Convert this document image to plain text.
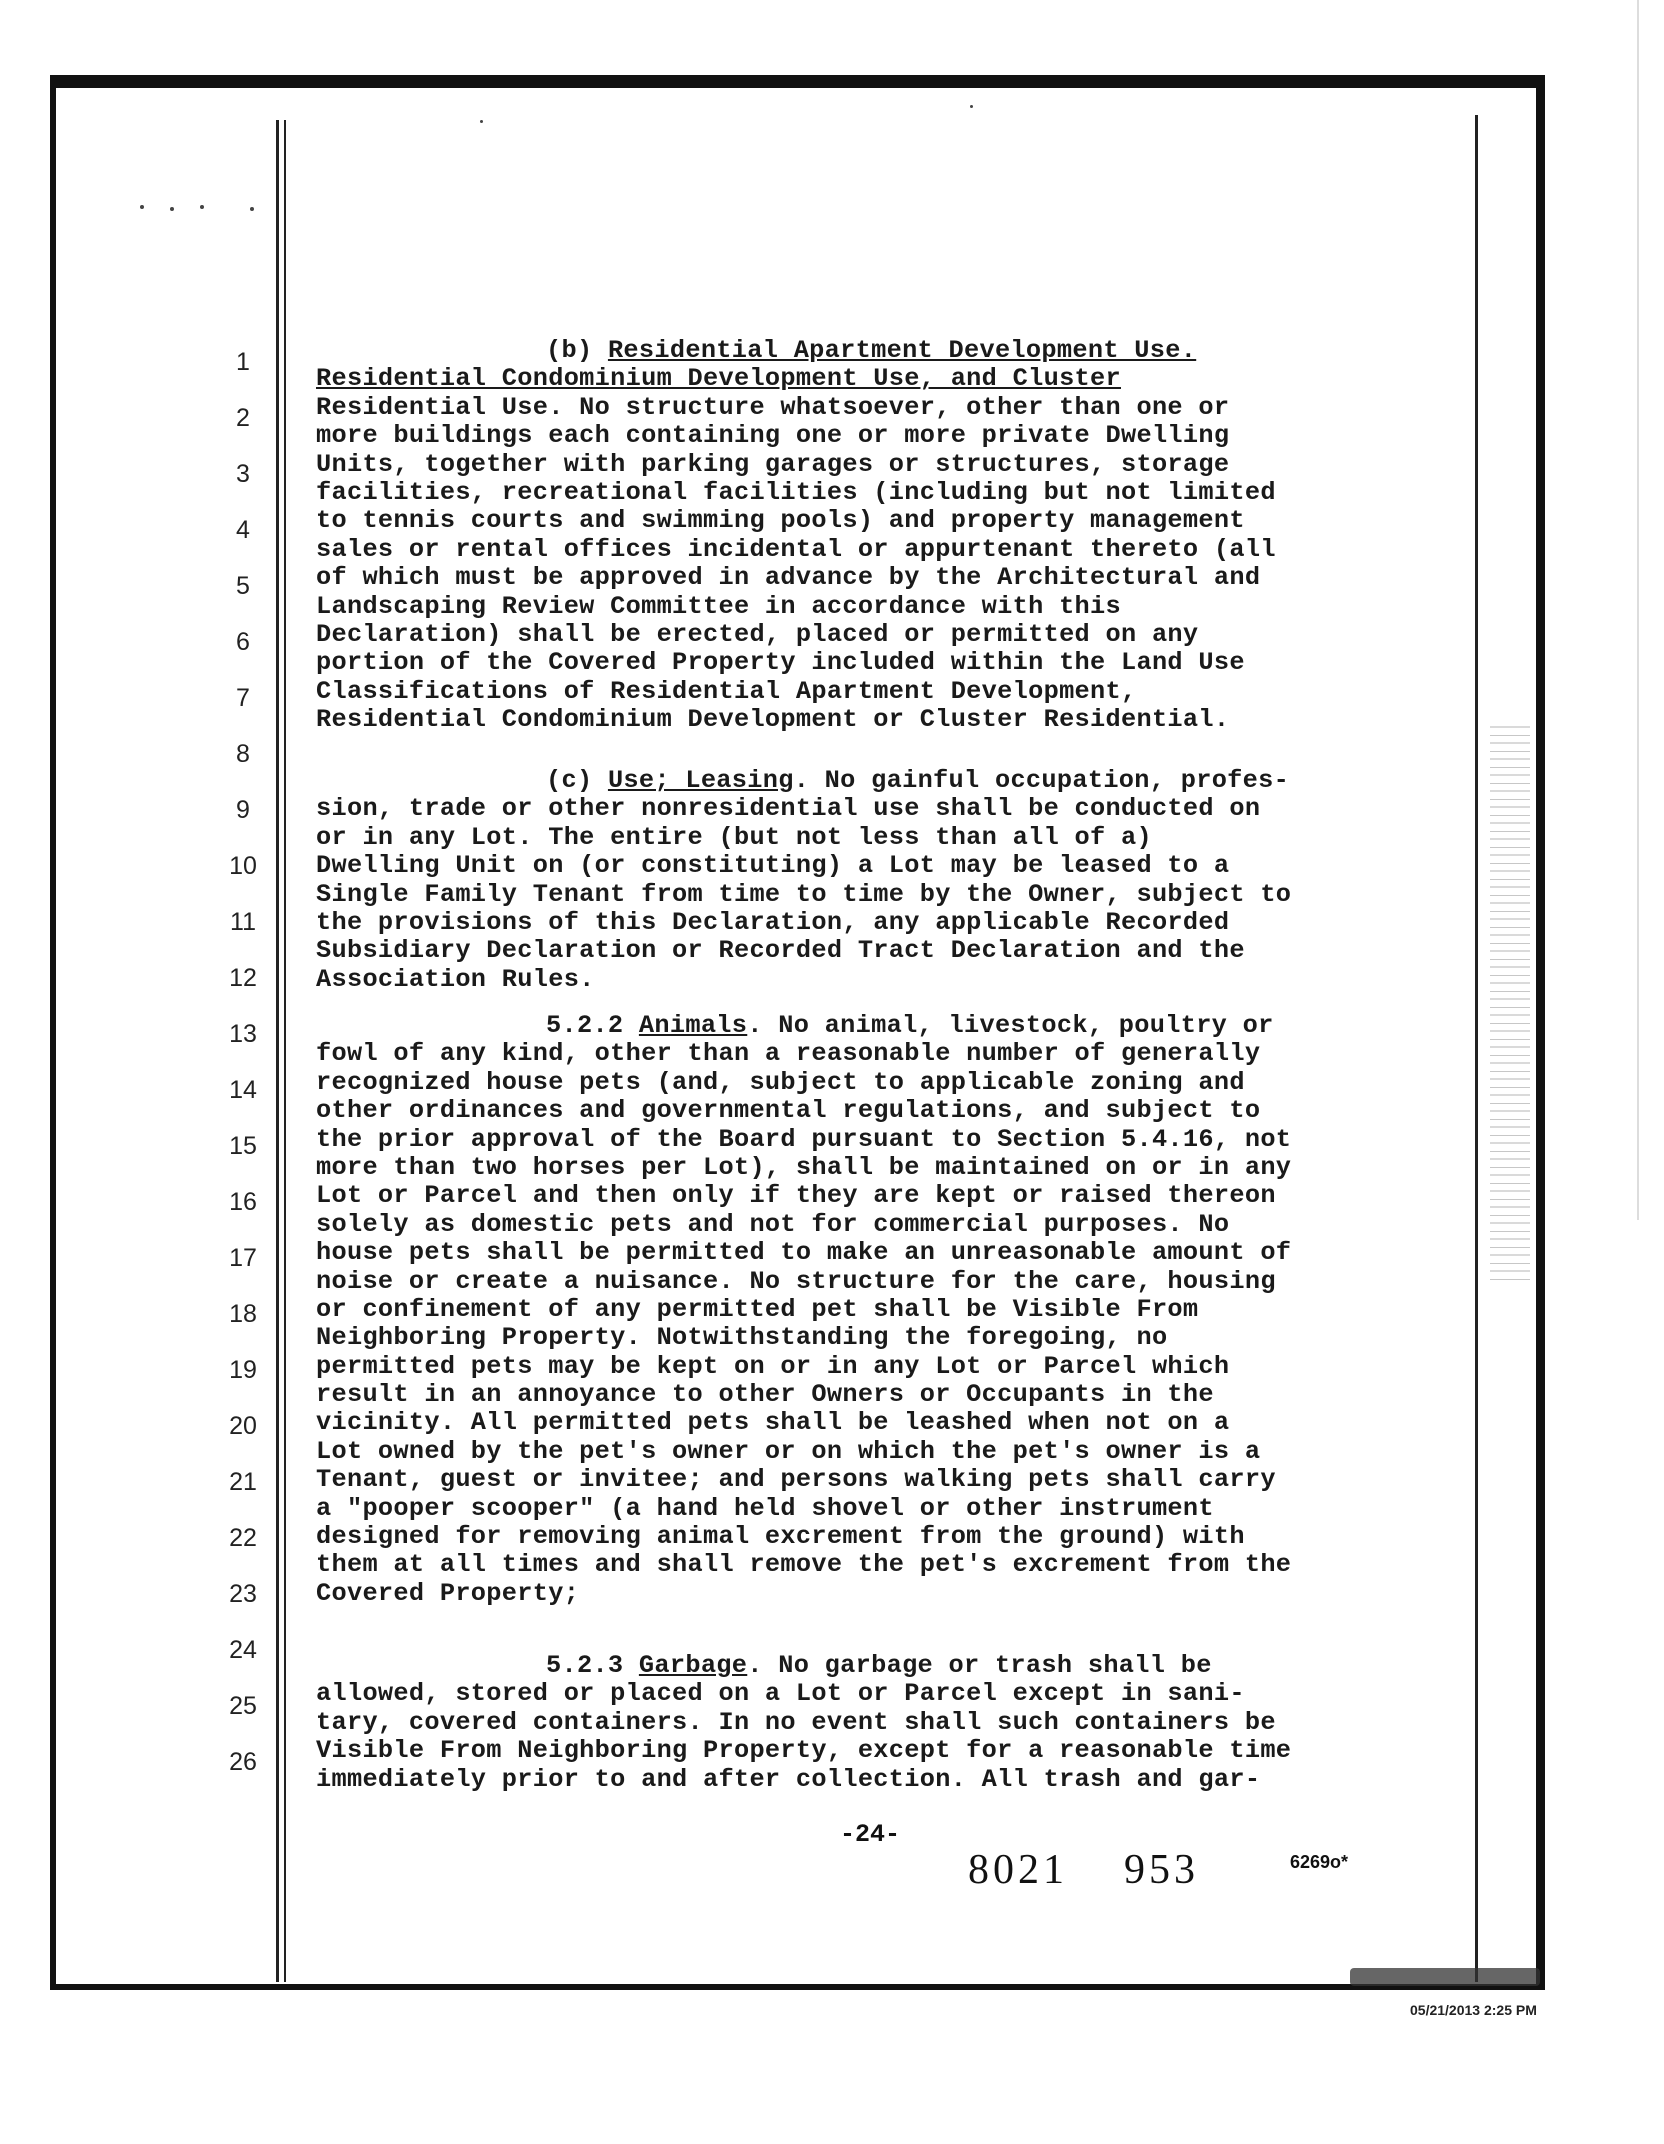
1
2
3
4
5
6
7
8
9
10
11
12
13
14
15
16
17
18
19
20
21
22
23
24
25
26
(b) Residential Apartment Development Use.
Residential Condominium Development Use, and Cluster
Residential Use. No structure whatsoever, other than one or
more buildings each containing one or more private Dwelling
Units, together with parking garages or structures, storage
facilities, recreational facilities (including but not limited
to tennis courts and swimming pools) and property management
sales or rental offices incidental or appurtenant thereto (all
of which must be approved in advance by the Architectural and
Landscaping Review Committee in accordance with this
Declaration) shall be erected, placed or permitted on any
portion of the Covered Property included within the Land Use
Classifications of Residential Apartment Development,
Residential Condominium Development or Cluster Residential.
(c) Use; Leasing. No gainful occupation, profes-
sion, trade or other nonresidential use shall be conducted on
or in any Lot. The entire (but not less than all of a)
Dwelling Unit on (or constituting) a Lot may be leased to a
Single Family Tenant from time to time by the Owner, subject to
the provisions of this Declaration, any applicable Recorded
Subsidiary Declaration or Recorded Tract Declaration and the
Association Rules.
5.2.2 Animals. No animal, livestock, poultry or
fowl of any kind, other than a reasonable number of generally
recognized house pets (and, subject to applicable zoning and
other ordinances and governmental regulations, and subject to
the prior approval of the Board pursuant to Section 5.4.16, not
more than two horses per Lot), shall be maintained on or in any
Lot or Parcel and then only if they are kept or raised thereon
solely as domestic pets and not for commercial purposes. No
house pets shall be permitted to make an unreasonable amount of
noise or create a nuisance. No structure for the care, housing
or confinement of any permitted pet shall be Visible From
Neighboring Property. Notwithstanding the foregoing, no
permitted pets may be kept on or in any Lot or Parcel which
result in an annoyance to other Owners or Occupants in the
vicinity. All permitted pets shall be leashed when not on a
Lot owned by the pet's owner or on which the pet's owner is a
Tenant, guest or invitee; and persons walking pets shall carry
a "pooper scooper" (a hand held shovel or other instrument
designed for removing animal excrement from the ground) with
them at all times and shall remove the pet's excrement from the
Covered Property;
5.2.3 Garbage. No garbage or trash shall be
allowed, stored or placed on a Lot or Parcel except in sani-
tary, covered containers. In no event shall such containers be
Visible From Neighboring Property, except for a reasonable time
immediately prior to and after collection. All trash and gar-
-24-
8021 953	6269o*
05/21/2013 2:25 PM
